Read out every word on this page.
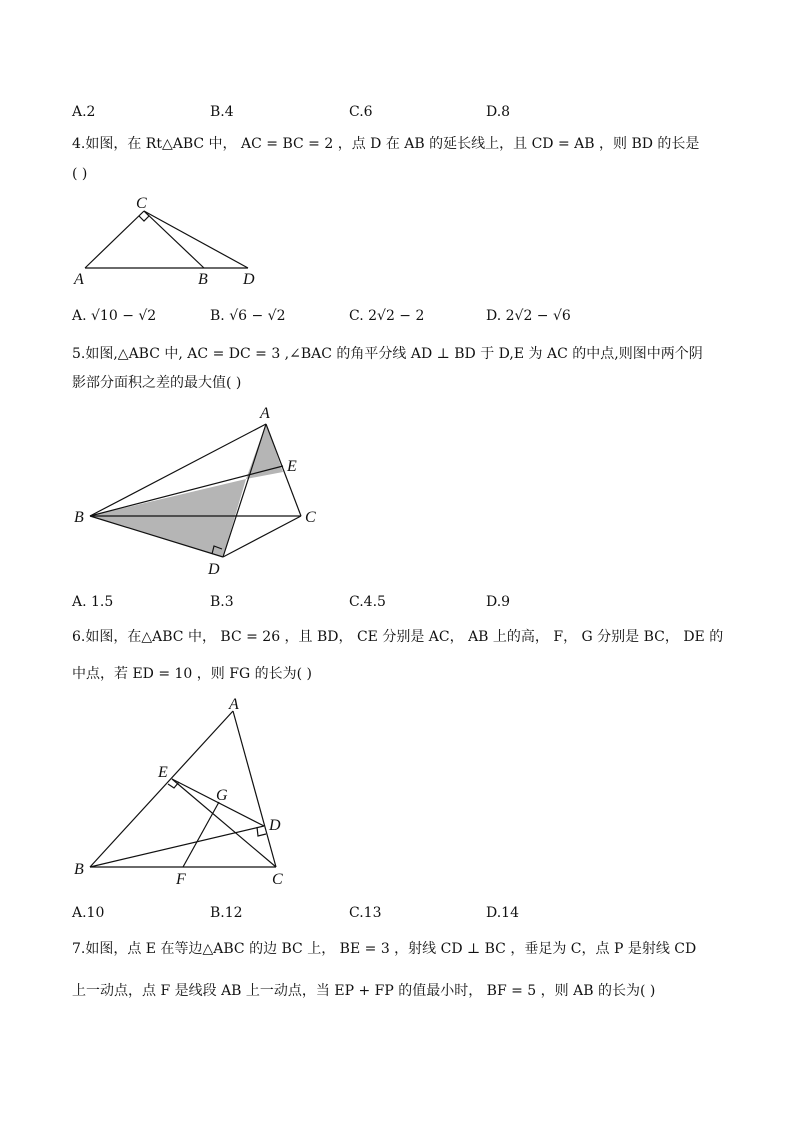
A.2	B.4	C.6	D.8
4.如图，在 Rt△ABC 中， AC = BC = 2 ，点 D 在 AB 的延长线上，且 CD = AB ，则 BD 的长是
( )
C
A	B D
A. √10 − √2	B. √6 − √2	C. 2√2 − 2	D. 2√2 − √6
5.如图,△ABC 中, AC = DC = 3 ,∠BAC 的角平分线 AD ⊥ BD 于 D,E 为 AC 的中点,则图中两个阴
影部分面积之差的最大值( )
A
E
B	C
D
A. 1.5	B.3	C.4.5	D.9
6.如图，在△ABC 中， BC = 26 ，且 BD， CE 分别是 AC， AB 上的高， F， G 分别是 BC， DE 的
中点，若 ED = 10 ，则 FG 的长为( )
A
E
G
D
B
F	C
A.10	B.12	C.13	D.14
7.如图，点 E 在等边△ABC 的边 BC 上， BE = 3 ，射线 CD ⊥ BC ，垂足为 C，点 P 是射线 CD
上一动点，点 F 是线段 AB 上一动点，当 EP + FP 的值最小时， BF = 5 ，则 AB 的长为( )
